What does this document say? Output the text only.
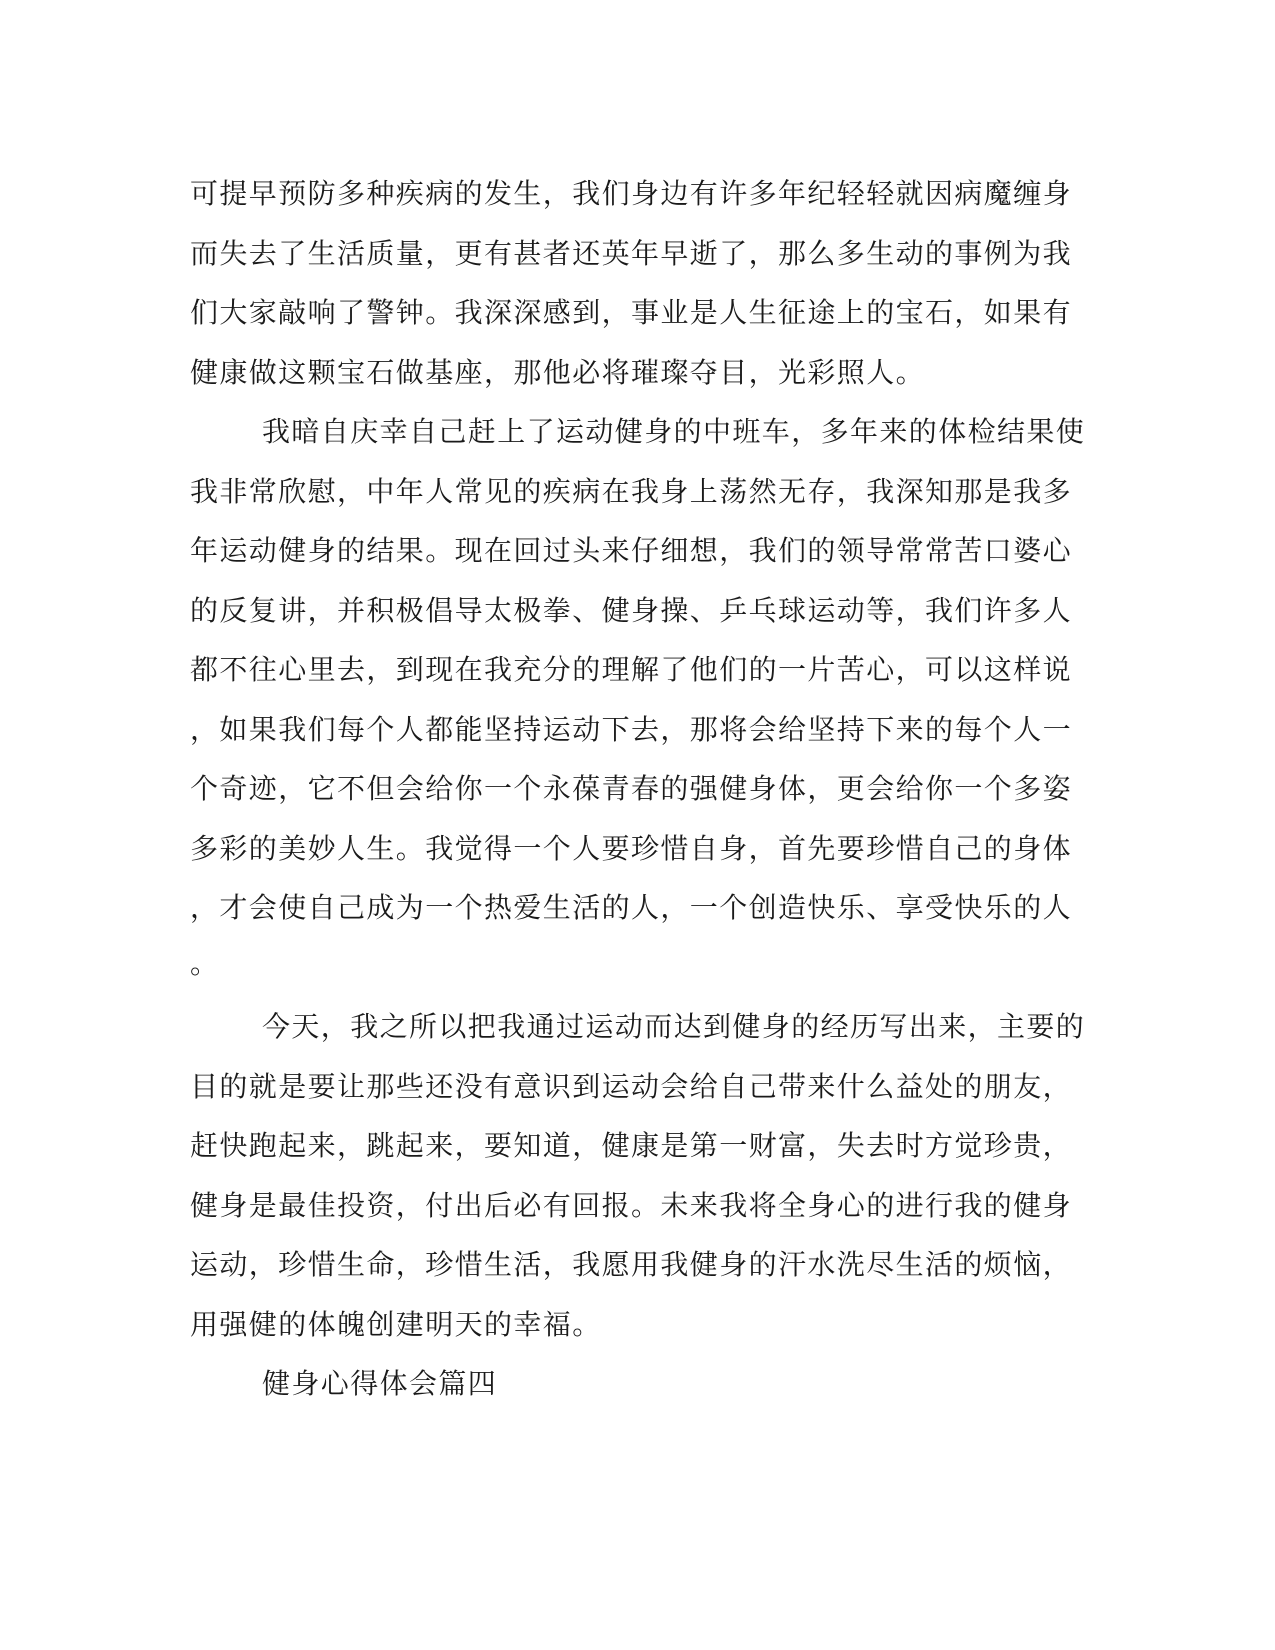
可提早预防多种疾病的发生，我们身边有许多年纪轻轻就因病魔缠身

而失去了生活质量，更有甚者还英年早逝了，那么多生动的事例为我

们大家敲响了警钟。我深深感到，事业是人生征途上的宝石，如果有

健康做这颗宝石做基座，那他必将璀璨夺目，光彩照人。

我暗自庆幸自己赶上了运动健身的中班车，多年来的体检结果使

我非常欣慰，中年人常见的疾病在我身上荡然无存，我深知那是我多

年运动健身的结果。现在回过头来仔细想，我们的领导常常苦口婆心

的反复讲，并积极倡导太极拳、健身操、乒乓球运动等，我们许多人

都不往心里去，到现在我充分的理解了他们的一片苦心，可以这样说

，如果我们每个人都能坚持运动下去，那将会给坚持下来的每个人一

个奇迹，它不但会给你一个永葆青春的强健身体，更会给你一个多姿

多彩的美妙人生。我觉得一个人要珍惜自身，首先要珍惜自己的身体

，才会使自己成为一个热爱生活的人，一个创造快乐、享受快乐的人

。

今天，我之所以把我通过运动而达到健身的经历写出来，主要的

目的就是要让那些还没有意识到运动会给自己带来什么益处的朋友，

赶快跑起来，跳起来，要知道，健康是第一财富，失去时方觉珍贵，

健身是最佳投资，付出后必有回报。未来我将全身心的进行我的健身

运动，珍惜生命，珍惜生活，我愿用我健身的汗水洗尽生活的烦恼，

用强健的体魄创建明天的幸福。

健身心得体会篇四
